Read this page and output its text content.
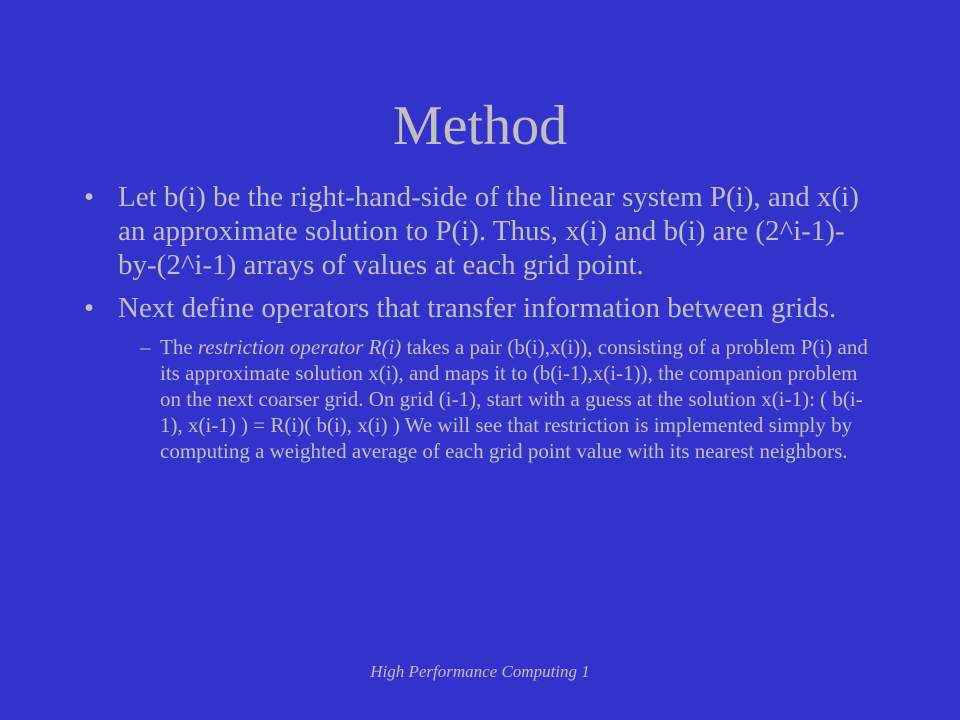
Method
• Let b(i) be the right-hand-side of the linear system P(i), and x(i) an approximate solution to P(i). Thus, x(i) and b(i) are (2^i-1)-by-(2^i-1) arrays of values at each grid point.
• Next define operators that transfer information between grids.
– The restriction operator R(i) takes a pair (b(i),x(i)), consisting of a problem P(i) and its approximate solution x(i), and maps it to (b(i-1),x(i-1)), the companion problem on the next coarser grid. On grid (i-1), start with a guess at the solution x(i-1): ( b(i-1), x(i-1) ) = R(i)( b(i), x(i) ) We will see that restriction is implemented simply by computing a weighted average of each grid point value with its nearest neighbors.
High Performance Computing 1
